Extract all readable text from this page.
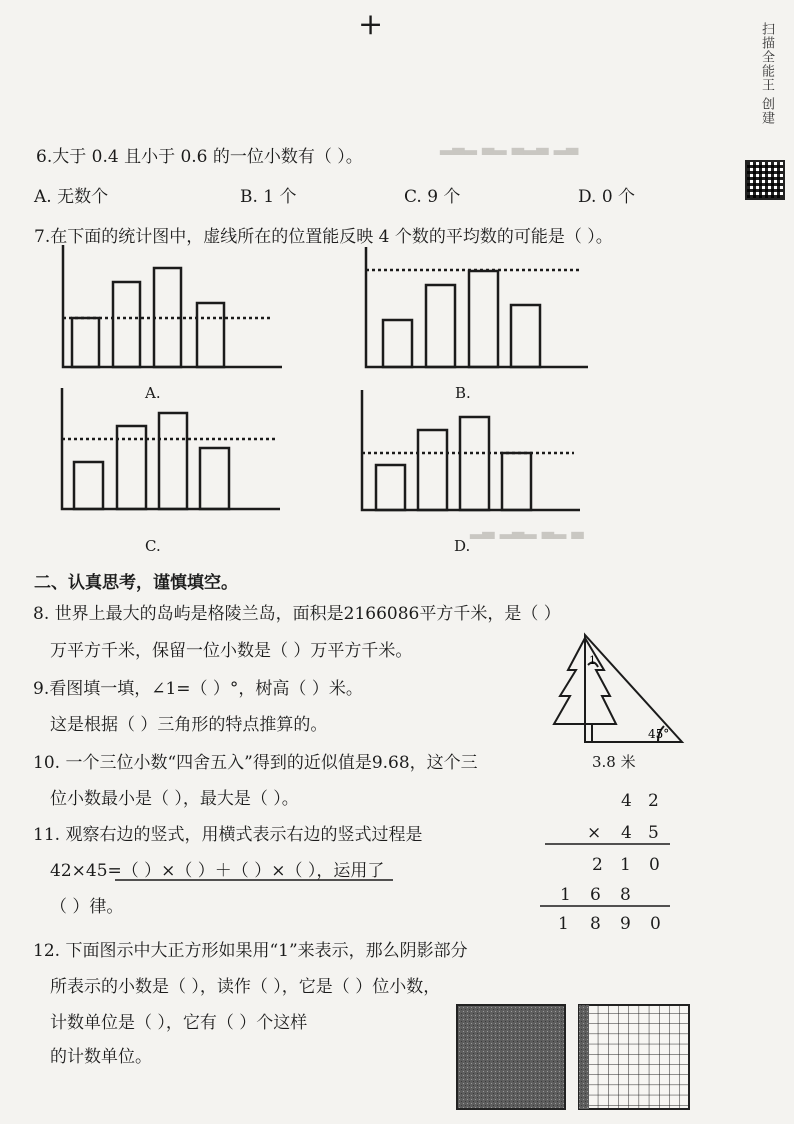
▂▃▂ ▃▂ ▃▂▃ ▂▃
▂▃ ▂▃▂ ▃▂ ▃
+	扫描全能王 创建
6.大于 0.4 且小于 0.6 的一位小数有（ ）。
A. 无数个	B. 1 个	C. 9 个	D. 0 个
7.在下面的统计图中，虚线所在的位置能反映 4 个数的平均数的可能是（ ）。
A.	B.
C.	D.
二、认真思考，谨慎填空。
8. 世界上最大的岛屿是格陵兰岛，面积是2166086平方千米，是（ ）
万平方千米，保留一位小数是（ ）万平方千米。
9.看图填一填，∠1=（ ）°，树高（ ）米。
这是根据（ ）三角形的特点推算的。
1
45°
3.8 米
10. 一个三位小数“四舍五入”得到的近似值是9.68，这个三
位小数最小是（ ），最大是（ ）。
11. 观察右边的竖式，用横式表示右边的竖式过程是
42×45=（ ）×（ ）＋（ ）×（ ），运用了
（ ）律。
4 2
× 4 5
2 1 0
1 6 8
1 8 9 0
12. 下面图示中大正方形如果用“1”来表示，那么阴影部分
所表示的小数是（ ），读作（ ），它是（ ）位小数，
计数单位是（ ），它有（ ）个这样
的计数单位。
